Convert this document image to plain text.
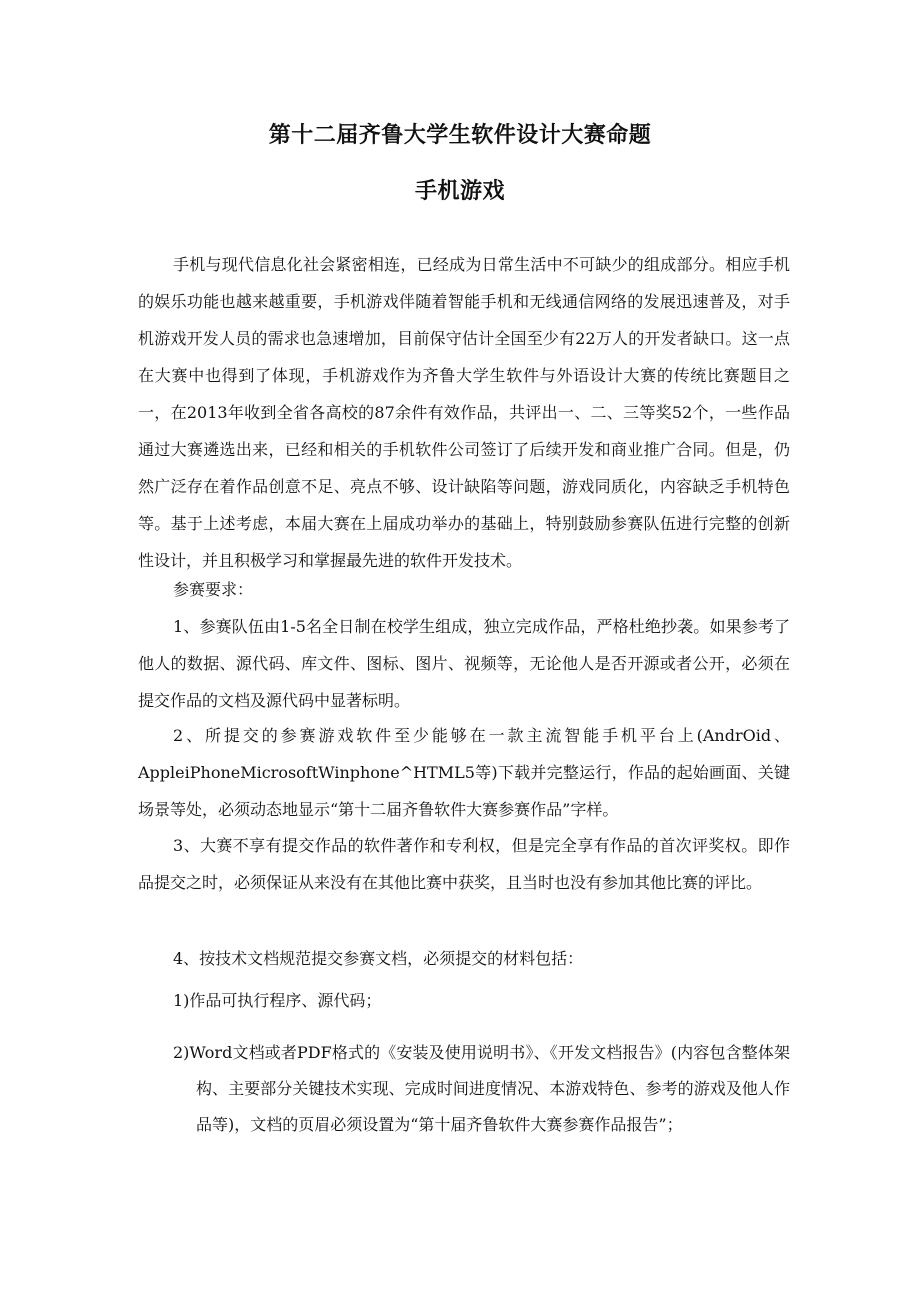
第十二届齐鲁大学生软件设计大赛命题
手机游戏

手机与现代信息化社会紧密相连，已经成为日常生活中不可缺少的组成部分。相应手机的娱乐功能也越来越重要，手机游戏伴随着智能手机和无线通信网络的发展迅速普及，对手机游戏开发人员的需求也急速增加，目前保守估计全国至少有22万人的开发者缺口。这一点在大赛中也得到了体现，手机游戏作为齐鲁大学生软件与外语设计大赛的传统比赛题目之一，在2013年收到全省各高校的87余件有效作品，共评出一、二、三等奖52个，一些作品通过大赛遴选出来，已经和相关的手机软件公司签订了后续开发和商业推广合同。但是，仍然广泛存在着作品创意不足、亮点不够、设计缺陷等问题，游戏同质化，内容缺乏手机特色等。基于上述考虑，本届大赛在上届成功举办的基础上，特别鼓励参赛队伍进行完整的创新性设计，并且积极学习和掌握最先进的软件开发技术。

参赛要求：

1、参赛队伍由1-5名全日制在校学生组成，独立完成作品，严格杜绝抄袭。如果参考了他人的数据、源代码、库文件、图标、图片、视频等，无论他人是否开源或者公开，必须在提交作品的文档及源代码中显著标明。

2、所提交的参赛游戏软件至少能够在一款主流智能手机平台上(AndrOid、AppleiPhoneMicrosoftWinphone^HTML5等)下载并完整运行，作品的起始画面、关键场景等处，必须动态地显示“第十二届齐鲁软件大赛参赛作品”字样。

3、大赛不享有提交作品的软件著作和专利权，但是完全享有作品的首次评奖权。即作品提交之时，必须保证从来没有在其他比赛中获奖，且当时也没有参加其他比赛的评比。

4、按技术文档规范提交参赛文档，必须提交的材料包括：

1)作品可执行程序、源代码；

2)Word文档或者PDF格式的《安装及使用说明书》、《开发文档报告》(内容包含整体架构、主要部分关键技术实现、完成时间进度情况、本游戏特色、参考的游戏及他人作品等)，文档的页眉必须设置为“第十届齐鲁软件大赛参赛作品报告”；
